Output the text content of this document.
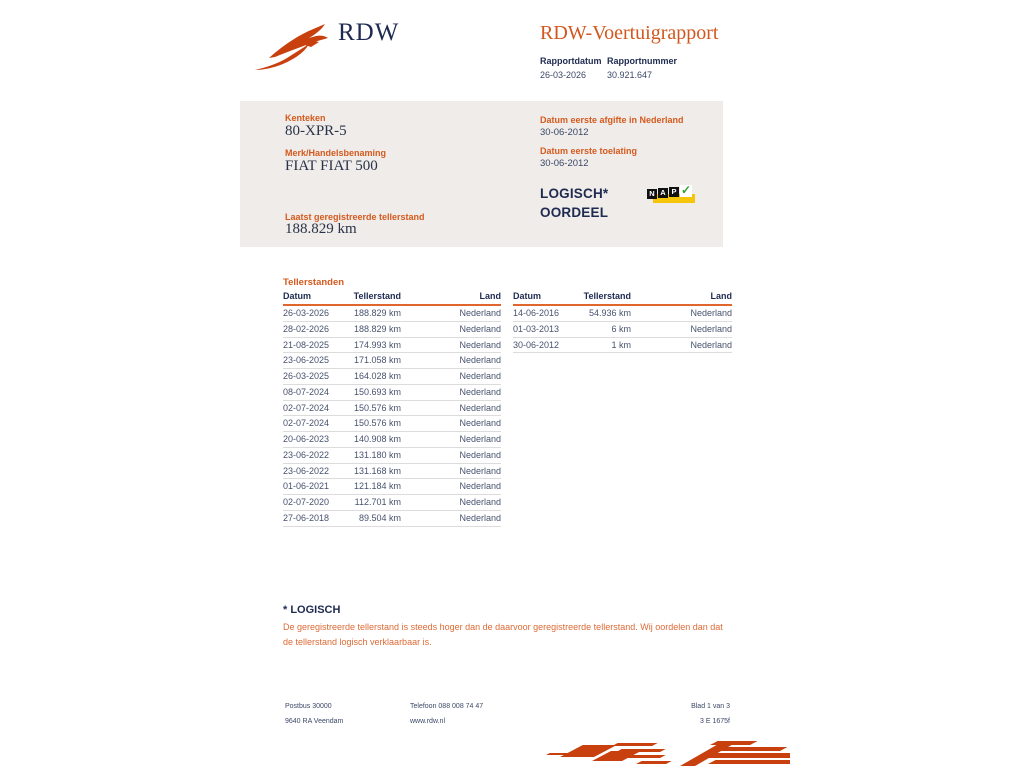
RDW	RDW-Voertuigrapport
Rapportdatum
26-03-2026
Rapportnummer
30.921.647
Kenteken
80-XPR-5
Merk/Handelsbenaming
FIAT FIAT 500
Laatst geregistreerde tellerstand
188.829 km
Datum eerste afgifte in Nederland
30-06-2012
Datum eerste toelating
30-06-2012
LOGISCH*
OORDEEL
N A P ✓
Tellerstanden
Datum	Tellerstand	Land
26-03-2026	188.829 km	Nederland
28-02-2026	188.829 km	Nederland
21-08-2025	174.993 km	Nederland
23-06-2025	171.058 km	Nederland
26-03-2025	164.028 km	Nederland
08-07-2024	150.693 km	Nederland
02-07-2024	150.576 km	Nederland
02-07-2024	150.576 km	Nederland
20-06-2023	140.908 km	Nederland
23-06-2022	131.180 km	Nederland
23-06-2022	131.168 km	Nederland
01-06-2021	121.184 km	Nederland
02-07-2020	112.701 km	Nederland
27-06-2018	89.504 km	Nederland
Datum	Tellerstand	Land
14-06-2016	54.936 km	Nederland
01-03-2013	6 km	Nederland
30-06-2012	1 km	Nederland
* LOGISCH
De geregistreerde tellerstand is steeds hoger dan de daarvoor geregistreerde tellerstand. Wij oordelen dan dat de tellerstand logisch verklaarbaar is.
Postbus 30000
9640 RA Veendam
Telefoon 088 008 74 47
www.rdw.nl
Blad 1 van 3
3 E 1675f
